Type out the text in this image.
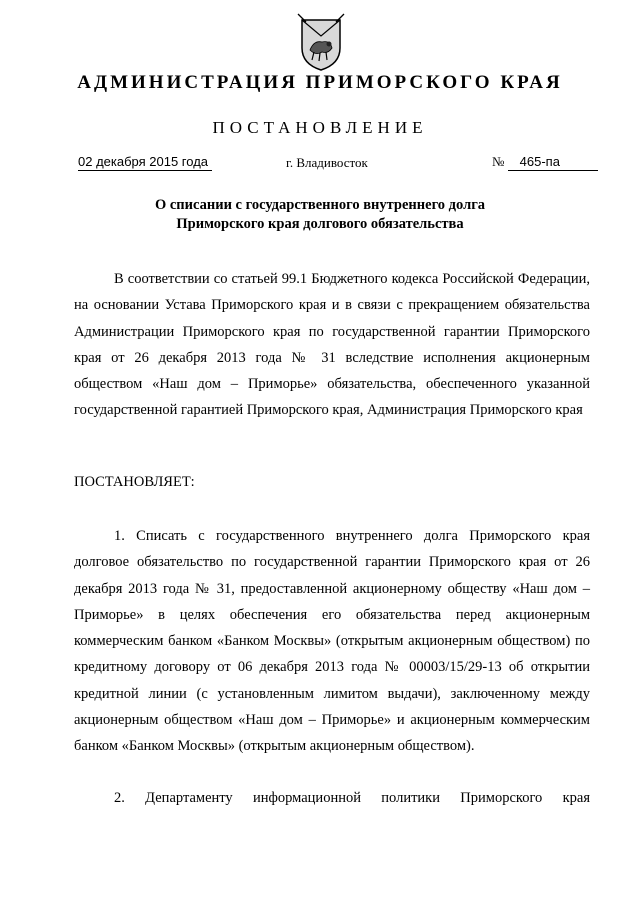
АДМИНИСТРАЦИЯ ПРИМОРСКОГО КРАЯ
ПОСТАНОВЛЕНИЕ
02 декабря 2015 года	г. Владивосток	№ 465-па
О списании с государственного внутреннего долга
Приморского края долгового обязательства
В соответствии со статьей 99.1 Бюджетного кодекса Российской Федерации, на основании Устава Приморского края и в связи с прекращением обязательства Администрации Приморского края по государственной гарантии Приморского края от 26 декабря 2013 года № 31 вследствие исполнения акционерным обществом «Наш дом – Приморье» обязательства, обеспеченного указанной государственной гарантией Приморского края, Администрация Приморского края
ПОСТАНОВЛЯЕТ:
1. Списать с государственного внутреннего долга Приморского края долговое обязательство по государственной гарантии Приморского края от 26 декабря 2013 года № 31, предоставленной акционерному обществу «Наш дом – Приморье» в целях обеспечения его обязательства перед акционерным коммерческим банком «Банком Москвы» (открытым акционерным обществом) по кредитному договору от 06 декабря 2013 года № 00003/15/29-13 об открытии кредитной линии (с установленным лимитом выдачи), заключенному между акционерным обществом «Наш дом – Приморье» и акционерным коммерческим банком «Банком Москвы» (открытым акционерным обществом).
2. Департаменту информационной политики Приморского края
